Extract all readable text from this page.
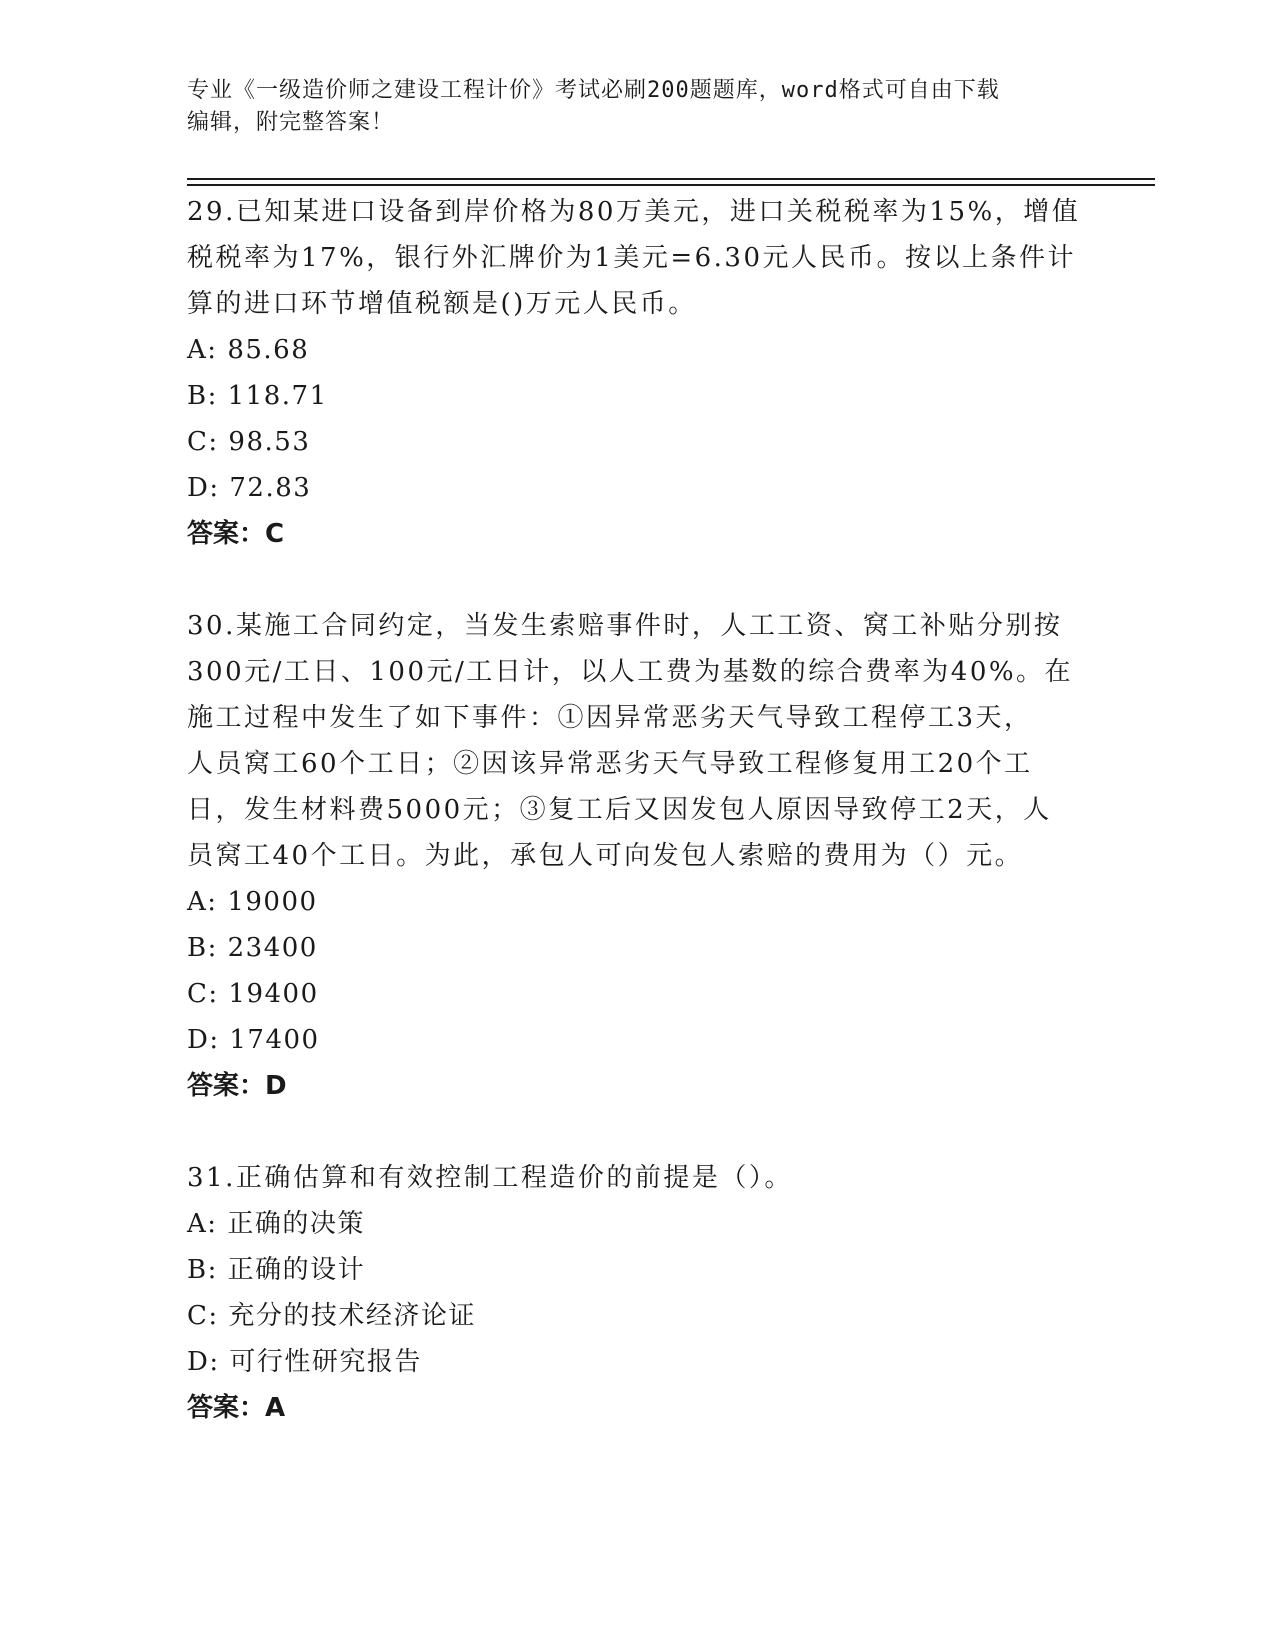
专业《一级造价师之建设工程计价》考试必刷200题题库，word格式可自由下载
编辑，附完整答案！

29.已知某进口设备到岸价格为80万美元，进口关税税率为15%，增值

税税率为17%，银行外汇牌价为1美元=6.30元人民币。按以上条件计

算的进口环节增值税额是()万元人民币。

A: 85.68

B: 118.71

C: 98.53

D: 72.83

答案：C

30.某施工合同约定，当发生索赔事件时，人工工资、窝工补贴分别按

300元/工日、100元/工日计，以人工费为基数的综合费率为40%。在

施工过程中发生了如下事件：①因异常恶劣天气导致工程停工3天，

人员窝工60个工日；②因该异常恶劣天气导致工程修复用工20个工

日，发生材料费5000元；③复工后又因发包人原因导致停工2天，人

员窝工40个工日。为此，承包人可向发包人索赔的费用为（）元。

A: 19000

B: 23400

C: 19400

D: 17400

答案：D

31.正确估算和有效控制工程造价的前提是（）。

A: 正确的决策

B: 正确的设计

C: 充分的技术经济论证

D: 可行性研究报告

答案：A
